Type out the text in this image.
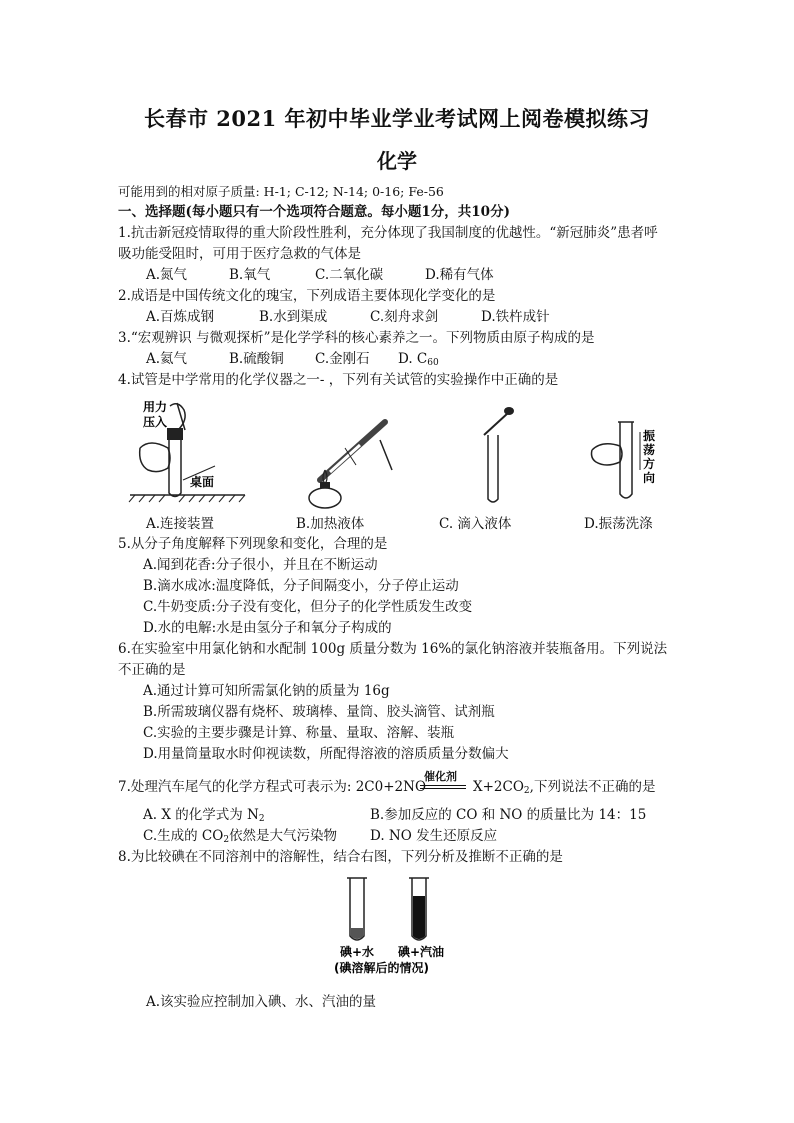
长春市 2021 年初中毕业学业考试网上阅卷模拟练习
化学
可能用到的相对原子质量: H-1; C-12; N-14; 0-16; Fe-56
一、选择题(每小题只有一个选项符合题意。每小题1分，共10分)
1.抗击新冠疫情取得的重大阶段性胜利，充分体现了我国制度的优越性。“新冠肺炎”患者呼
吸功能受阻时，可用于医疗急救的气体是
A.氮气	B.氧气	C.二氧化碳	D.稀有气体
2.成语是中国传统文化的瑰宝，下列成语主要体现化学变化的是
A.百炼成钢	B.水到渠成	C.刻舟求剑	D.铁杵成针
3.“宏观辨识 与微观探析”是化学学科的核心素养之一。下列物质由原子构成的是
A.氦气	B.硫酸铜 C.金刚石 D. $C_{60}$
4.试管是中学常用的化学仪器之一- ，下列有关试管的实验操作中正确的是
用力
压入
桌面
振
荡
方
向
A.连接装置	B.加热液体	C. 滴入液体	D.振荡洗涤
5.从分子角度解释下列现象和变化，合理的是
A.闻到花香:分子很小，并且在不断运动
B.滴水成冰:温度降低，分子间隔变小，分子停止运动
C.牛奶变质:分子没有变化，但分子的化学性质发生改变
D.水的电解:水是由氢分子和氧分子构成的
6.在实验室中用氯化钠和水配制 100g 质量分数为 16%的氯化钠溶液并装瓶备用。下列说法
不正确的是
A.通过计算可知所需氯化钠的质量为 16g
B.所需玻璃仪器有烧杯、玻璃棒、量筒、胶头滴管、试剂瓶
C.实验的主要步骤是计算、称量、量取、溶解、装瓶
D.用量筒量取水时仰视读数，所配得溶液的溶质质量分数偏大
7.处理汽车尾气的化学方程式可表示为: 2C0+2NO
催化剂
$X+2CO_2$,下列说法不正确的是
A. X 的化学式为 $N_2$	B.参加反应的 CO 和 NO 的质量比为 14：15
C.生成的 $CO_2$依然是大气污染物 D. NO 发生还原反应
8.为比较碘在不同溶剂中的溶解性，结合右图，下列分析及推断不正确的是
碘+水 碘+汽油
(碘溶解后的情况)
A.该实验应控制加入碘、水、汽油的量
